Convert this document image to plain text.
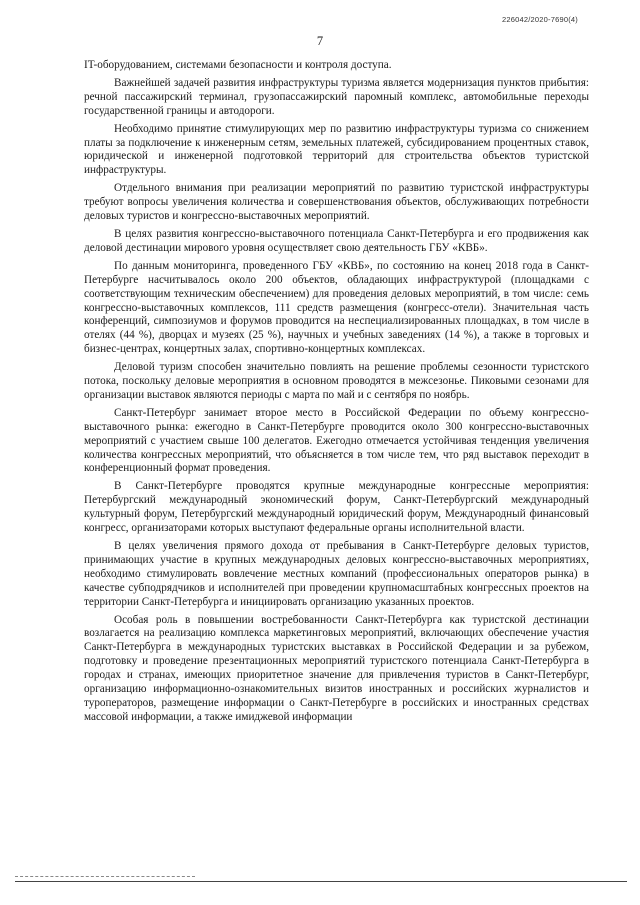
226042/2020-7690(4)
7

IT-оборудованием, системами безопасности и контроля доступа.

Важнейшей задачей развития инфраструктуры туризма является модернизация пунктов прибытия: речной пассажирский терминал, грузопассажирский паромный комплекс, автомобильные переходы государственной границы и автодороги.

Необходимо принятие стимулирующих мер по развитию инфраструктуры туризма со снижением платы за подключение к инженерным сетям, земельных платежей, субсидированием процентных ставок, юридической и инженерной подготовкой территорий для строительства объектов туристской инфраструктуры.

Отдельного внимания при реализации мероприятий по развитию туристской инфраструктуры требуют вопросы увеличения количества и совершенствования объектов, обслуживающих потребности деловых туристов и конгрессно-выставочных мероприятий.

В целях развития конгрессно-выставочного потенциала Санкт-Петербурга и его продвижения как деловой дестинации мирового уровня осуществляет свою деятельность ГБУ «КВБ».

По данным мониторинга, проведенного ГБУ «КВБ», по состоянию на конец 2018 года в Санкт-Петербурге насчитывалось около 200 объектов, обладающих инфраструктурой (площадками с соответствующим техническим обеспечением) для проведения деловых мероприятий, в том числе: семь конгрессно-выставочных комплексов, 111 средств размещения (конгресс-отели). Значительная часть конференций, симпозиумов и форумов проводится на неспециализированных площадках, в том числе в отелях (44 %), дворцах и музеях (25 %), научных и учебных заведениях (14 %), а также в торговых и бизнес-центрах, концертных залах, спортивно-концертных комплексах.

Деловой туризм способен значительно повлиять на решение проблемы сезонности туристского потока, поскольку деловые мероприятия в основном проводятся в межсезонье. Пиковыми сезонами для организации выставок являются периоды с марта по май и с сентября по ноябрь.

Санкт-Петербург занимает второе место в Российской Федерации по объему конгрессно-выставочного рынка: ежегодно в Санкт-Петербурге проводится около 300 конгрессно-выставочных мероприятий с участием свыше 100 делегатов. Ежегодно отмечается устойчивая тенденция увеличения количества конгрессных мероприятий, что объясняется в том числе тем, что ряд выставок переходит в конференционный формат проведения.

В Санкт-Петербурге проводятся крупные международные конгрессные мероприятия: Петербургский международный экономический форум, Санкт-Петербургский международный культурный форум, Петербургский международный юридический форум, Международный финансовый конгресс, организаторами которых выступают федеральные органы исполнительной власти.

В целях увеличения прямого дохода от пребывания в Санкт-Петербурге деловых туристов, принимающих участие в крупных международных деловых конгрессно-выставочных мероприятиях, необходимо стимулировать вовлечение местных компаний (профессиональных операторов рынка) в качестве субподрядчиков и исполнителей при проведении крупномасштабных конгрессных проектов на территории Санкт-Петербурга и инициировать организацию указанных проектов.

Особая роль в повышении востребованности Санкт-Петербурга как туристской дестинации возлагается на реализацию комплекса маркетинговых мероприятий, включающих обеспечение участия Санкт-Петербурга в международных туристских выставках в Российской Федерации и за рубежом, подготовку и проведение презентационных мероприятий туристского потенциала Санкт-Петербурга в городах и странах, имеющих приоритетное значение для привлечения туристов в Санкт-Петербург, организацию информационно-ознакомительных визитов иностранных и российских журналистов и туроператоров, размещение информации о Санкт-Петербурге в российских и иностранных средствах массовой информации, а также имиджевой информации
